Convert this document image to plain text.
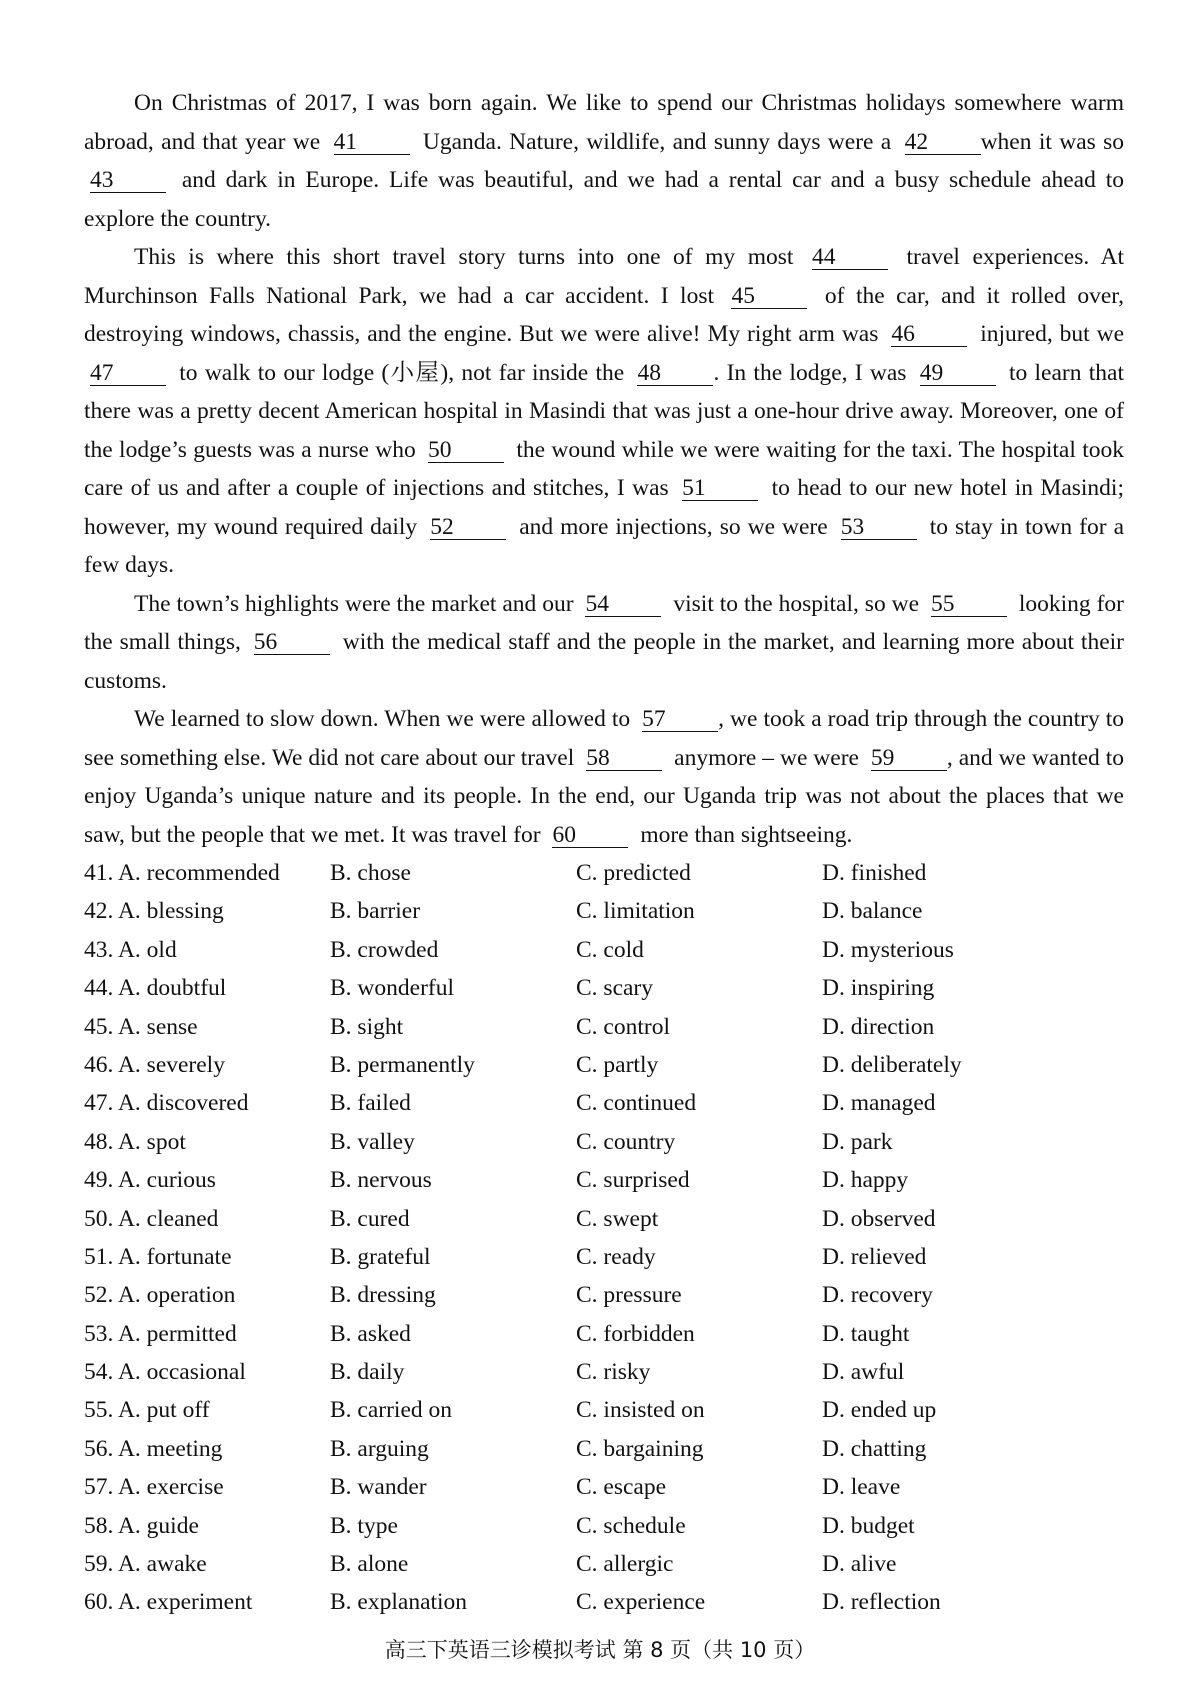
On Christmas of 2017, I was born again. We like to spend our Christmas holidays somewhere warm abroad, and that year we 41 Uganda. Nature, wildlife, and sunny days were a 42 when it was so 43 and dark in Europe. Life was beautiful, and we had a rental car and a busy schedule ahead to explore the country.

This is where this short travel story turns into one of my most 44 travel experiences. At Murchinson Falls National Park, we had a car accident. I lost 45 of the car, and it rolled over, destroying windows, chassis, and the engine. But we were alive! My right arm was 46 injured, but we 47 to walk to our lodge (小屋), not far inside the 48 . In the lodge, I was 49 to learn that there was a pretty decent American hospital in Masindi that was just a one-hour drive away. Moreover, one of the lodge’s guests was a nurse who 50 the wound while we were waiting for the taxi. The hospital took care of us and after a couple of injections and stitches, I was 51 to head to our new hotel in Masindi; however, my wound required daily 52 and more injections, so we were 53 to stay in town for a few days.

The town’s highlights were the market and our 54 visit to the hospital, so we 55 looking for the small things, 56 with the medical staff and the people in the market, and learning more about their customs.

We learned to slow down. When we were allowed to 57 , we took a road trip through the country to see something else. We did not care about our travel 58 anymore – we were 59 , and we wanted to enjoy Uganda’s unique nature and its people. In the end, our Uganda trip was not about the places that we saw, but the people that we met. It was travel for 60 more than sightseeing.

41. A. recommended	B. chose	C. predicted	D. finished
42. A. blessing	B. barrier	C. limitation	D. balance
43. A. old	B. crowded	C. cold	D. mysterious
44. A. doubtful	B. wonderful	C. scary	D. inspiring
45. A. sense	B. sight	C. control	D. direction
46. A. severely	B. permanently	C. partly	D. deliberately
47. A. discovered	B. failed	C. continued	D. managed
48. A. spot	B. valley	C. country	D. park
49. A. curious	B. nervous	C. surprised	D. happy
50. A. cleaned	B. cured	C. swept	D. observed
51. A. fortunate	B. grateful	C. ready	D. relieved
52. A. operation	B. dressing	C. pressure	D. recovery
53. A. permitted	B. asked	C. forbidden	D. taught
54. A. occasional	B. daily	C. risky	D. awful
55. A. put off	B. carried on	C. insisted on	D. ended up
56. A. meeting	B. arguing	C. bargaining	D. chatting
57. A. exercise	B. wander	C. escape	D. leave
58. A. guide	B. type	C. schedule	D. budget
59. A. awake	B. alone	C. allergic	D. alive
60. A. experiment	B. explanation	C. experience	D. reflection
高三下英语三诊模拟考试 第 8 页（共 10 页）
